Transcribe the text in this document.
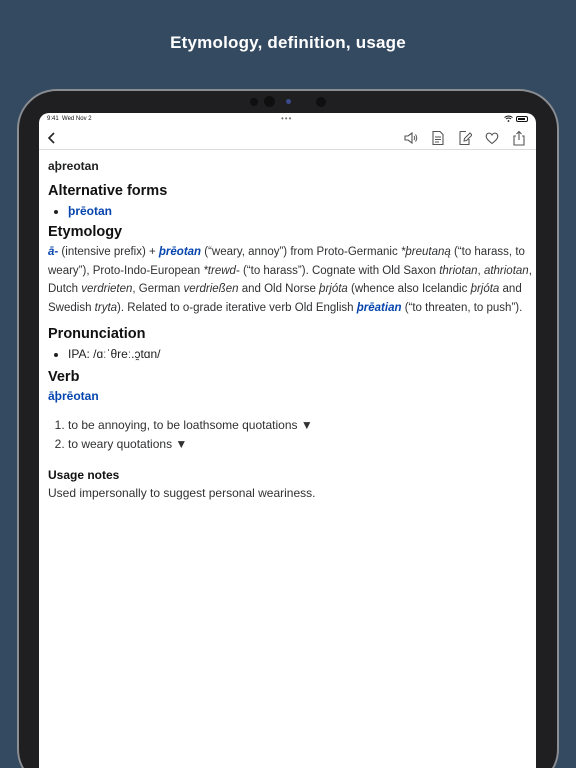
Etymology, definition, usage
9:41 Wed Nov 2	•••
aþreotan
Alternative forms
• þrēotan
Etymology

ā- (intensive prefix) + þrēotan (“weary, annoy”) from Proto-Germanic *þreutaną (“to harass, to weary”), Proto-Indo-European *trewd- (“to harass”). Cognate with Old Saxon thriotan, athriotan, Dutch verdrieten, German verdrießen and Old Norse þrjóta (whence also Icelandic þrjóta and Swedish tryta). Related to o-grade iterative verb Old English þrēatian (“to threaten, to push”).

Pronunciation
• IPA: /ɑːˈθreː.ɔ̯tɑn/
Verb
āþrēotan
1. to be annoying, to be loathsome quotations ▼
2. to weary quotations ▼
Usage notes

Used impersonally to suggest personal weariness.
